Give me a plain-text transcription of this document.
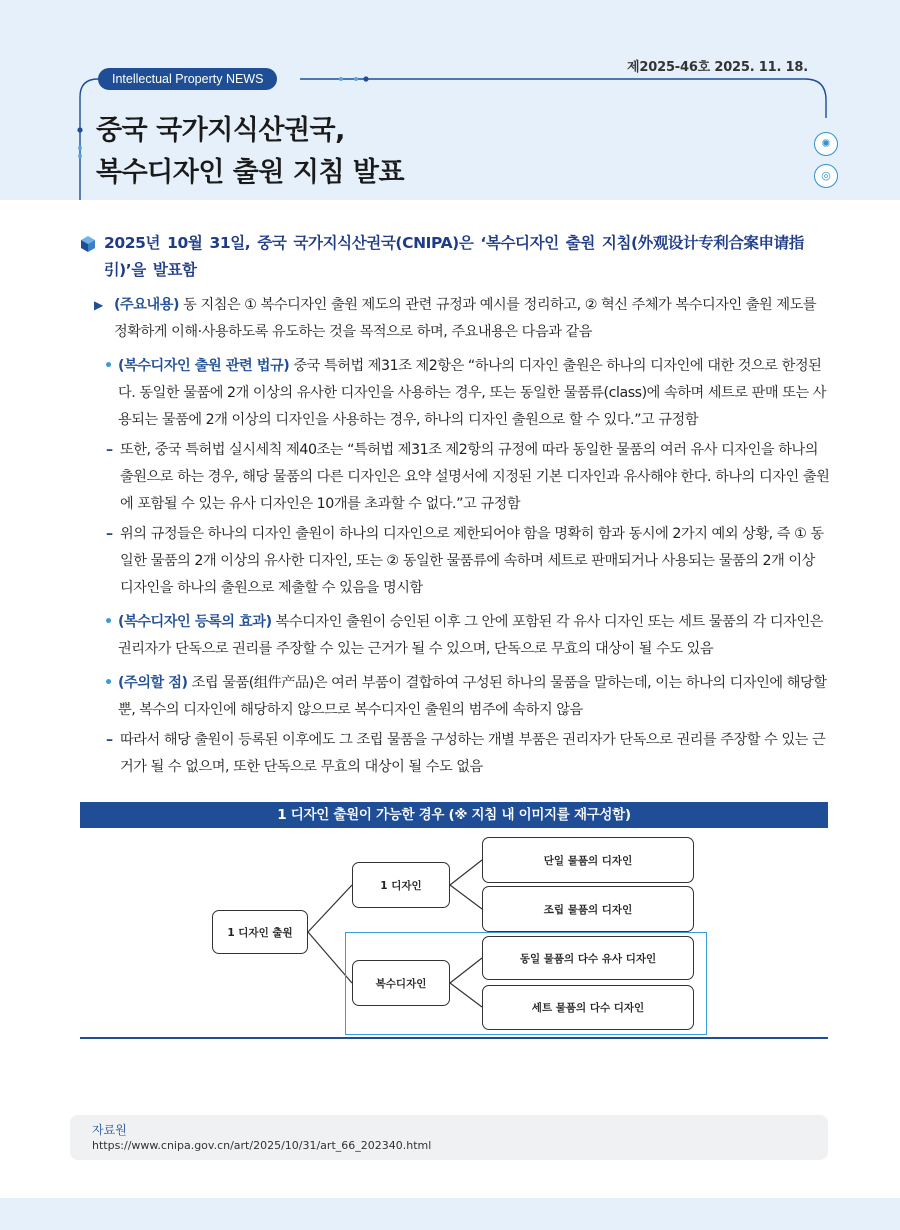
제2025-46호 2025. 11. 18.
Intellectual Property NEWS
중국 국가지식산권국,
복수디자인 출원 지침 발표
✺
◎
2025년 10월 31일, 중국 국가지식산권국(CNIPA)은 ‘복수디자인 출원 지침(外观设计专利合案申请指引)’을 발표함
▶ (주요내용) 동 지침은 ① 복수디자인 출원 제도의 관련 규정과 예시를 정리하고, ② 혁신 주체가 복수디자인 출원 제도를 정확하게 이해·사용하도록 유도하는 것을 목적으로 하며, 주요내용은 다음과 같음
• (복수디자인 출원 관련 법규) 중국 특허법 제31조 제2항은 “하나의 디자인 출원은 하나의 디자인에 대한 것으로 한정된다. 동일한 물품에 2개 이상의 유사한 디자인을 사용하는 경우, 또는 동일한 물품류(class)에 속하며 세트로 판매 또는 사용되는 물품에 2개 이상의 디자인을 사용하는 경우, 하나의 디자인 출원으로 할 수 있다.”고 규정함
– 또한, 중국 특허법 실시세칙 제40조는 “특허법 제31조 제2항의 규정에 따라 동일한 물품의 여러 유사 디자인을 하나의 출원으로 하는 경우, 해당 물품의 다른 디자인은 요약 설명서에 지정된 기본 디자인과 유사해야 한다. 하나의 디자인 출원에 포함될 수 있는 유사 디자인은 10개를 초과할 수 없다.”고 규정함
– 위의 규정들은 하나의 디자인 출원이 하나의 디자인으로 제한되어야 함을 명확히 함과 동시에 2가지 예외 상황, 즉 ① 동일한 물품의 2개 이상의 유사한 디자인, 또는 ② 동일한 물품류에 속하며 세트로 판매되거나 사용되는 물품의 2개 이상 디자인을 하나의 출원으로 제출할 수 있음을 명시함
• (복수디자인 등록의 효과) 복수디자인 출원이 승인된 이후 그 안에 포함된 각 유사 디자인 또는 세트 물품의 각 디자인은 권리자가 단독으로 권리를 주장할 수 있는 근거가 될 수 있으며, 단독으로 무효의 대상이 될 수도 있음
• (주의할 점) 조립 물품(组件产品)은 여러 부품이 결합하여 구성된 하나의 물품을 말하는데, 이는 하나의 디자인에 해당할 뿐, 복수의 디자인에 해당하지 않으므로 복수디자인 출원의 범주에 속하지 않음
– 따라서 해당 출원이 등록된 이후에도 그 조립 물품을 구성하는 개별 부품은 권리자가 단독으로 권리를 주장할 수 있는 근거가 될 수 없으며, 또한 단독으로 무효의 대상이 될 수도 없음
1 디자인 출원이 가능한 경우 (※ 지침 내 이미지를 재구성함)
1 디자인 출원
1 디자인
복수디자인
단일 물품의 디자인
조립 물품의 디자인
동일 물품의 다수 유사 디자인
세트 물품의 다수 디자인
자료원
https://www.cnipa.gov.cn/art/2025/10/31/art_66_202340.html
